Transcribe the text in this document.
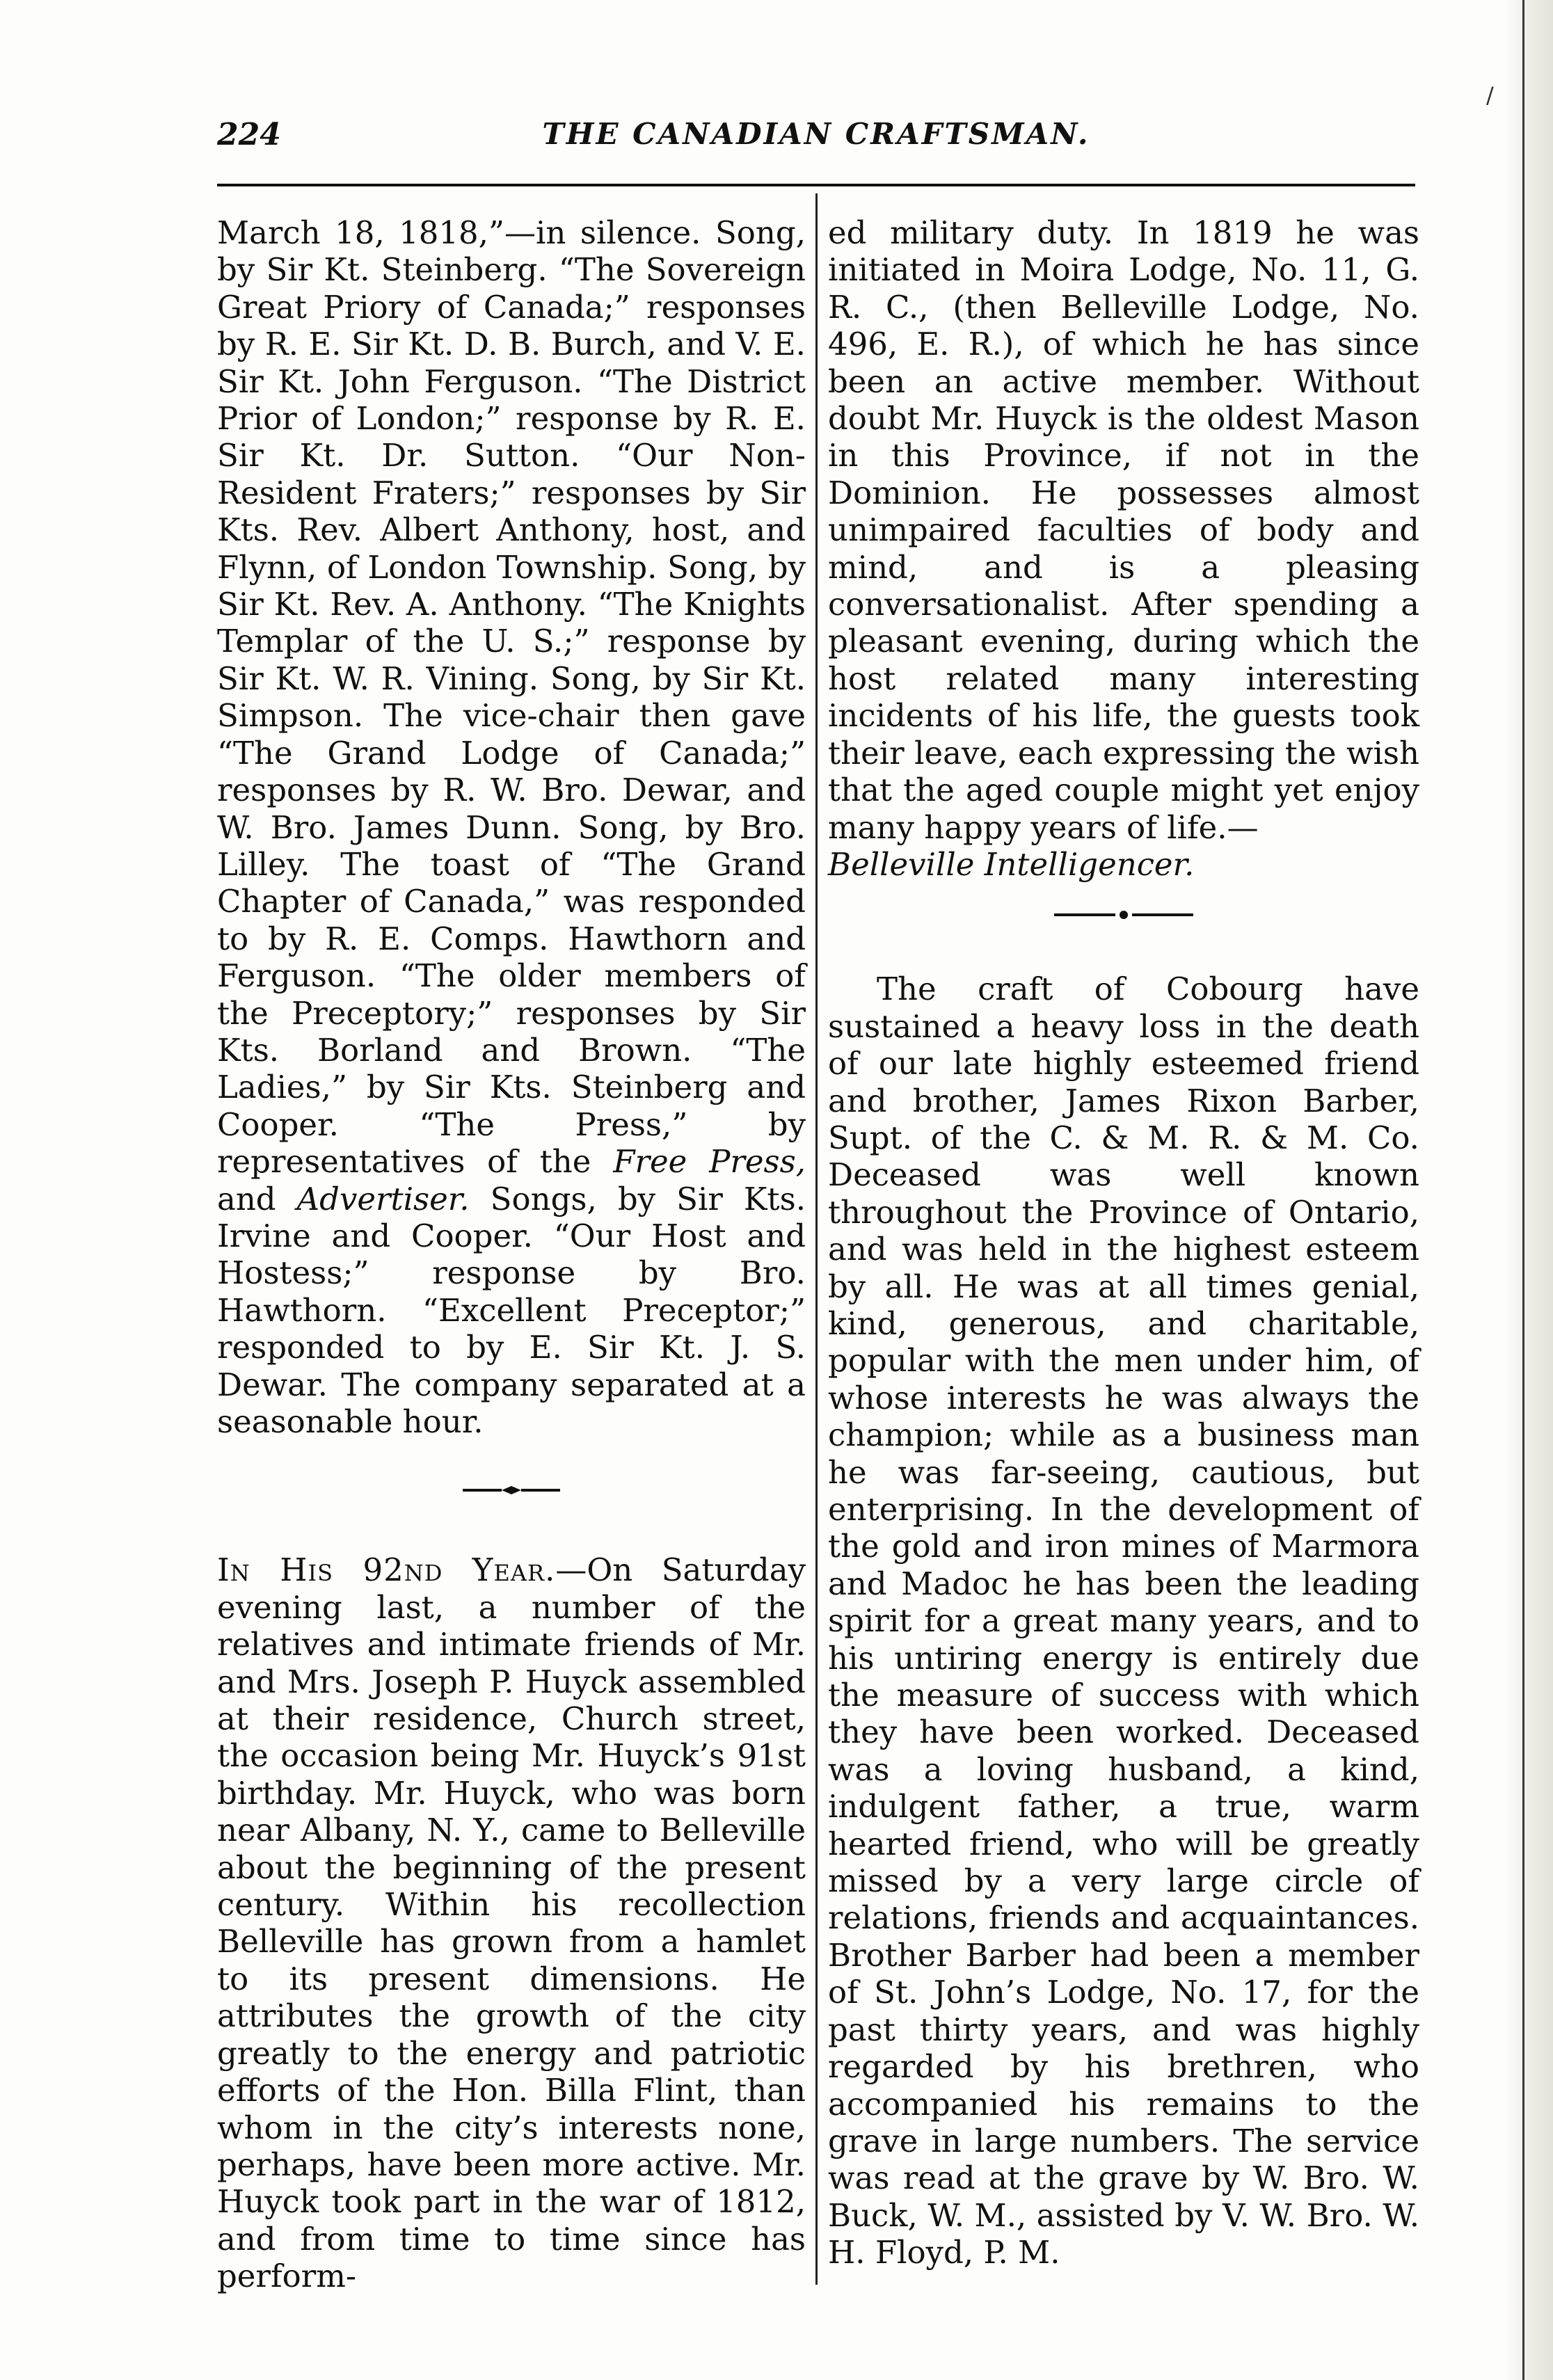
224	THE CANADIAN CRAFTSMAN.

March 18, 1818,”—in silence. Song, by Sir Kt. Steinberg. “The Sovereign Great Priory of Canada;” responses by R. E. Sir Kt. D. B. Burch, and V. E. Sir Kt. John Ferguson. “The District Prior of London;” response by R. E. Sir Kt. Dr. Sutton. “Our Non-Resident Fraters;” responses by Sir Kts. Rev. Albert Anthony, host, and Flynn, of London Township. Song, by Sir Kt. Rev. A. Anthony. “The Knights Templar of the U. S.;” response by Sir Kt. W. R. Vining. Song, by Sir Kt. Simpson. The vice-chair then gave “The Grand Lodge of Canada;” responses by R. W. Bro. Dewar, and W. Bro. James Dunn. Song, by Bro. Lilley. The toast of “The Grand Chapter of Canada,” was responded to by R. E. Comps. Hawthorn and Ferguson. “The older members of the Preceptory;” responses by Sir Kts. Borland and Brown. “The Ladies,” by Sir Kts. Steinberg and Cooper. “The Press,” by representatives of the Free Press, and Advertiser. Songs, by Sir Kts. Irvine and Cooper. “Our Host and Hostess;” response by Bro. Hawthorn. “Excellent Preceptor;” responded to by E. Sir Kt. J. S. Dewar. The company separated at a seasonable hour.

In His 92nd Year.—On Saturday evening last, a number of the relatives and intimate friends of Mr. and Mrs. Joseph P. Huyck assembled at their residence, Church street, the occasion being Mr. Huyck’s 91st birthday. Mr. Huyck, who was born near Albany, N. Y., came to Belleville about the beginning of the present century. Within his recollection Belleville has grown from a hamlet to its present dimensions. He attributes the growth of the city greatly to the energy and patriotic efforts of the Hon. Billa Flint, than whom in the city’s interests none, perhaps, have been more active. Mr. Huyck took part in the war of 1812, and from time to time since has perform-

ed military duty. In 1819 he was initiated in Moira Lodge, No. 11, G. R. C., (then Belleville Lodge, No. 496, E. R.), of which he has since been an active member. Without doubt Mr. Huyck is the oldest Mason in this Province, if not in the Dominion. He possesses almost unimpaired faculties of body and mind, and is a pleasing conversationalist. After spending a pleasant evening, during which the host related many interesting incidents of his life, the guests took their leave, each expressing the wish that the aged couple might yet enjoy many happy years of life.—
Belleville Intelligencer.

The craft of Cobourg have sustained a heavy loss in the death of our late highly esteemed friend and brother, James Rixon Barber, Supt. of the C. & M. R. & M. Co. Deceased was well known throughout the Province of Ontario, and was held in the highest esteem by all. He was at all times genial, kind, generous, and charitable, popular with the men under him, of whose interests he was always the champion; while as a business man he was far-seeing, cautious, but enterprising. In the development of the gold and iron mines of Marmora and Madoc he has been the leading spirit for a great many years, and to his untiring energy is entirely due the measure of success with which they have been worked. Deceased was a loving husband, a kind, indulgent father, a true, warm hearted friend, who will be greatly missed by a very large circle of relations, friends and acquaintances. Brother Barber had been a member of St. John’s Lodge, No. 17, for the past thirty years, and was highly regarded by his brethren, who accompanied his remains to the grave in large numbers. The service was read at the grave by W. Bro. W. Buck, W. M., assisted by V. W. Bro. W. H. Floyd, P. M.

/
